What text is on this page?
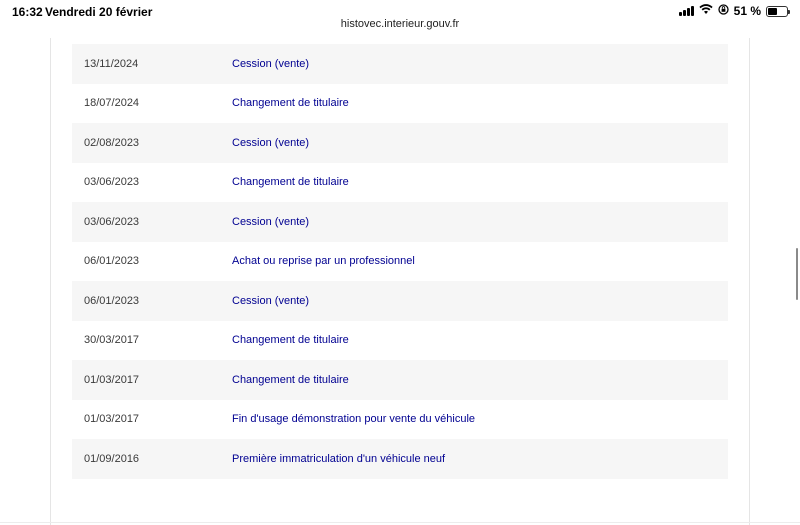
16:32 Vendredi 20 février	51 %
histovec.interieur.gouv.fr
13/11/2024	Cession (vente)
18/07/2024	Changement de titulaire
02/08/2023	Cession (vente)
03/06/2023	Changement de titulaire
03/06/2023	Cession (vente)
06/01/2023	Achat ou reprise par un professionnel
06/01/2023	Cession (vente)
30/03/2017	Changement de titulaire
01/03/2017	Changement de titulaire
01/03/2017	Fin d'usage démonstration pour vente du véhicule
01/09/2016	Première immatriculation d'un véhicule neuf
